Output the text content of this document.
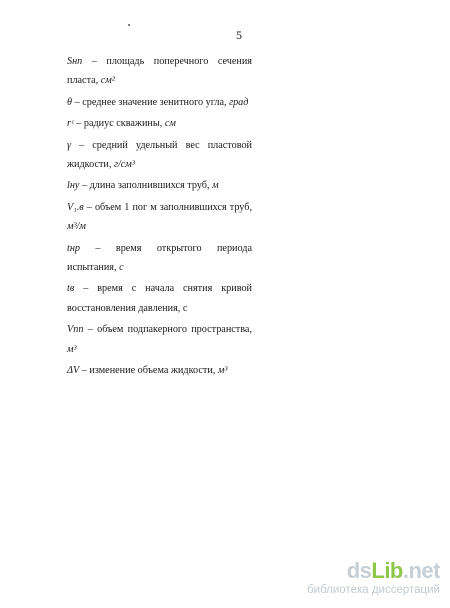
5

Sнп – площадь поперечного сечения пласта, см²

θ – среднее значение зенитного угла, град

rᶜ – радиус скважины, см

γ – средний удельный вес пластовой жидкости, г/см³

lну – длина заполнившихся труб, м

V₁.в – объем 1 пог м заполнившихся труб, м³/м

tнр – время открытого периода испытания, с

tв – время с начала снятия кривой восстановления давления, с

Vпп – объем подпакерного пространства, м³

ΔV – изменение объема жидкости, м³

dsLib.net
библиотека диссертаций
